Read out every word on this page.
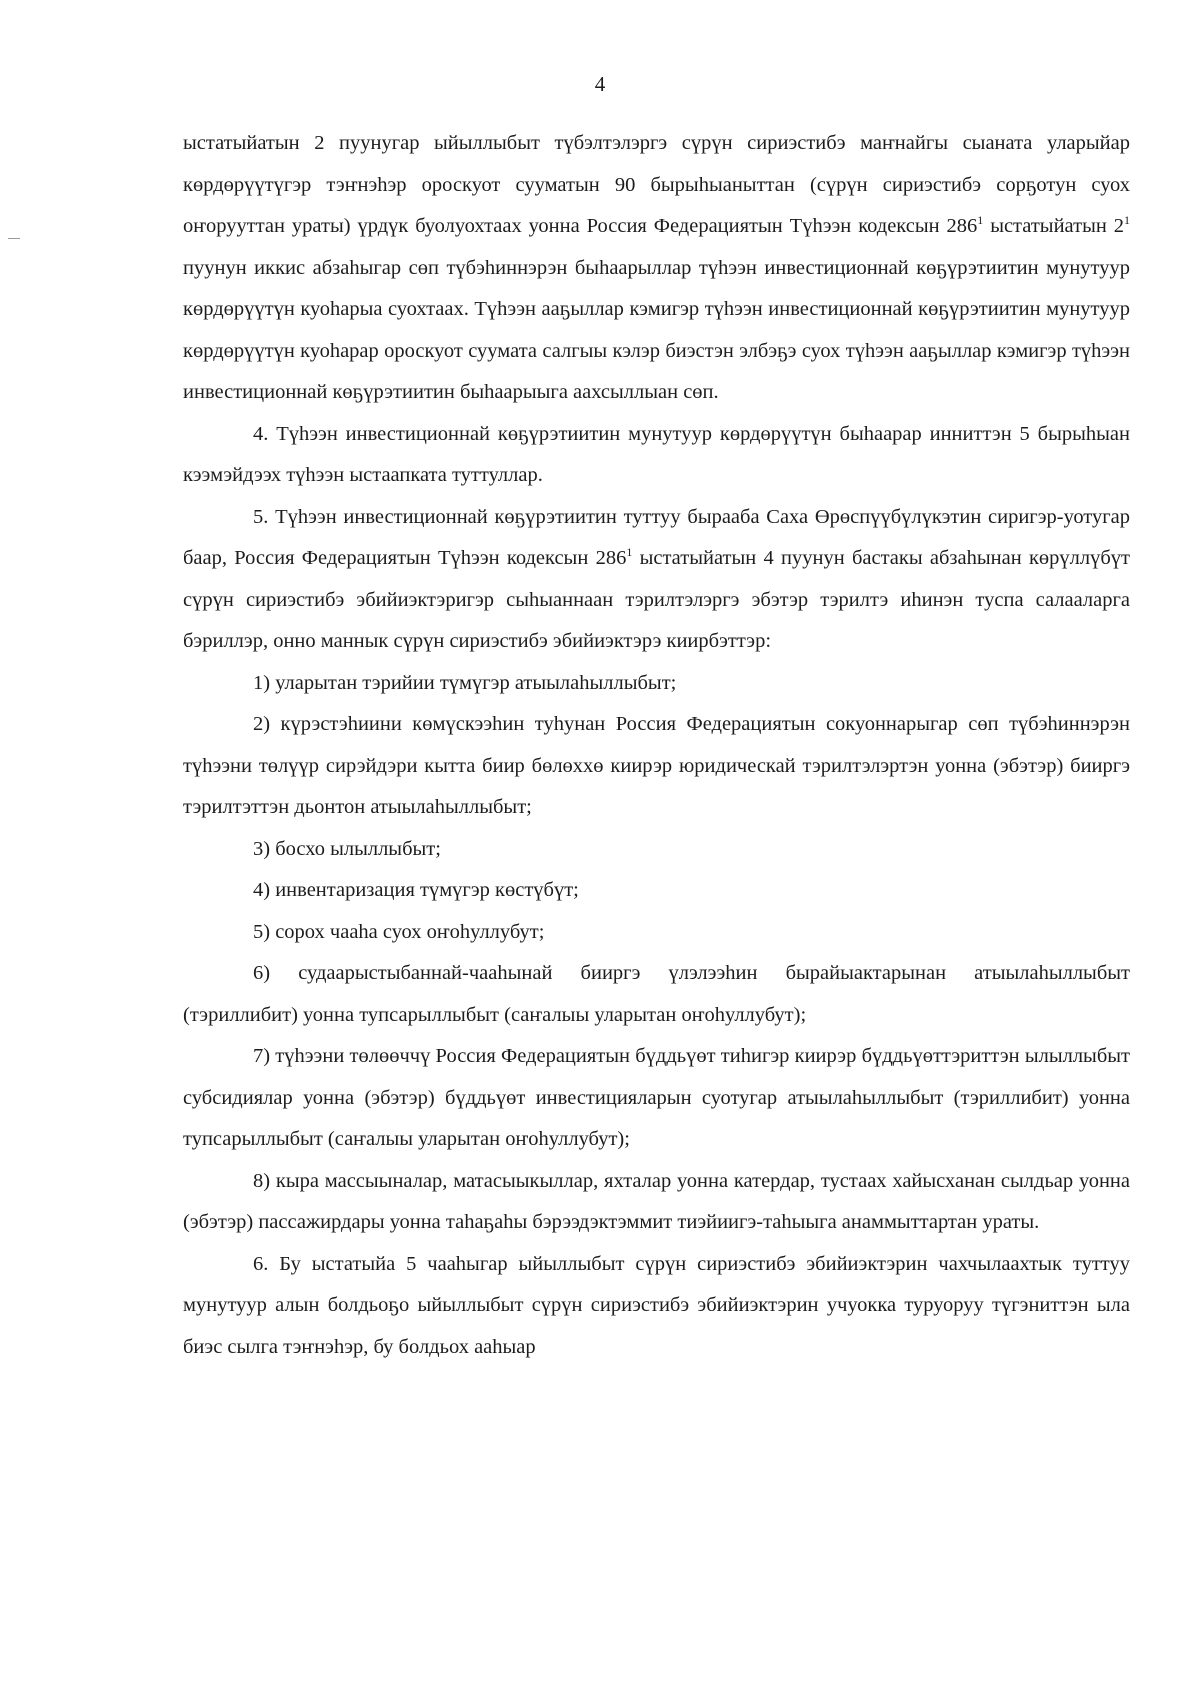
4

ыстатыйатын 2 пуунугар ыйыллыбыт түбэлтэлэргэ сүрүн сириэстибэ маҥнайгы сыаната уларыйар көрдөрүүтүгэр тэҥнэһэр ороскуот сууматын 90 бырыһыаныттан (сүрүн сириэстибэ сорҕотун суох оҥорууттан ураты) үрдүк буолуохтаах уонна Россия Федерациятын Түһээн кодексын $286^1$ ыстатыйатын $2^1$ пуунун иккис абзаһыгар сөп түбэһиннэрэн быһаарыллар түһээн инвестиционнай көҕүрэтиитин мунутуур көрдөрүүтүн куоһарыа суохтаах. Түһээн ааҕыллар кэмигэр түһээн инвестиционнай көҕүрэтиитин мунутуур көрдөрүүтүн куоһарар ороскуот суумата салгыы кэлэр биэстэн элбэҕэ суох түһээн ааҕыллар кэмигэр түһээн инвестиционнай көҕүрэтиитин быһаарыыга аахсыллыан сөп.

4. Түһээн инвестиционнай көҕүрэтиитин мунутуур көрдөрүүтүн быһаарар инниттэн 5 бырыһыан кээмэйдээх түһээн ыстаапката туттуллар.

5. Түһээн инвестиционнай көҕүрэтиитин туттуу бырааба Саха Өрөспүүбүлүкэтин сиригэр-уотугар баар, Россия Федерациятын Түһээн кодексын $286^1$ ыстатыйатын 4 пуунун бастакы абзаһынан көрүллүбүт сүрүн сириэстибэ эбийиэктэригэр сыһыаннаан тэрилтэлэргэ эбэтэр тэрилтэ иһинэн туспа салааларга бэриллэр, онно маннык сүрүн сириэстибэ эбийиэктэрэ киирбэттэр:

1) уларытан тэрийии түмүгэр атыылаһыллыбыт;

2) күрэстэһиини көмүскээһин туһунан Россия Федерациятын сокуоннарыгар сөп түбэһиннэрэн түһээни төлүүр сирэйдэри кытта биир бөлөххө киирэр юридическай тэрилтэлэртэн уонна (эбэтэр) бииргэ тэрилтэттэн дьонтон атыылаһыллыбыт;

3) босхо ылыллыбыт;

4) инвентаризация түмүгэр көстүбүт;

5) сорох чааһа суох оҥоһуллубут;

6) судаарыстыбаннай-чааһынай бииргэ үлэлээһин бырайыактарынан атыылаһыллыбыт (тэриллибит) уонна тупсарыллыбыт (саҥалыы уларытан оҥоһуллубут);

7) түһээни төлөөччү Россия Федерациятын бүддьүөт тиһигэр киирэр бүддьүөттэриттэн ылыллыбыт субсидиялар уонна (эбэтэр) бүддьүөт инвестицияларын суотугар атыылаһыллыбыт (тэриллибит) уонна тупсарыллыбыт (саҥалыы уларытан оҥоһуллубут);

8) кыра массыыналар, матасыыкыллар, яхталар уонна катердар, тустаах хайысханан сылдьар уонна (эбэтэр) пассажирдары уонна таһаҕаһы бэрээдэктэммит тиэйиигэ-таһыыга анаммыттартан ураты.

6. Бу ыстатыйа 5 чааһыгар ыйыллыбыт сүрүн сириэстибэ эбийиэктэрин чахчылаахтык туттуу мунутуур алын болдьоҕо ыйыллыбыт сүрүн сириэстибэ эбийиэктэрин учуокка туруоруу түгэниттэн ыла биэс сылга тэҥнэһэр, бу болдьох ааһыар
